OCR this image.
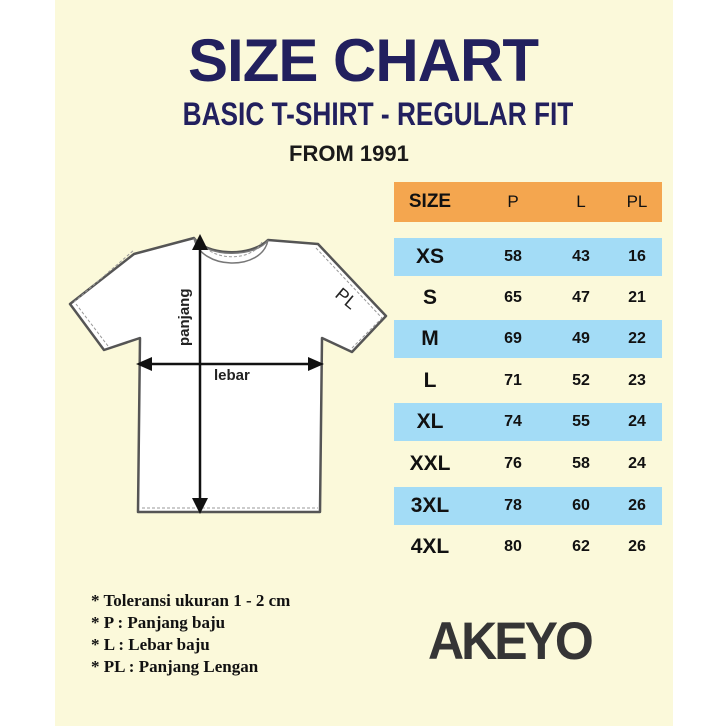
SIZE CHART
BASIC T-SHIRT - REGULAR FIT
FROM 1991
panjang
lebar
PL
SIZE	P	L	PL
XS	58	43	16
S	65	47	21
M	69	49	22
L	71	52	23
XL	74	55	24
XXL	76	58	24
3XL	78	60	26
4XL	80	62	26
* Toleransi ukuran 1 - 2 cm
* P : Panjang baju
* L : Lebar baju
* PL : Panjang Lengan	AKEYO
